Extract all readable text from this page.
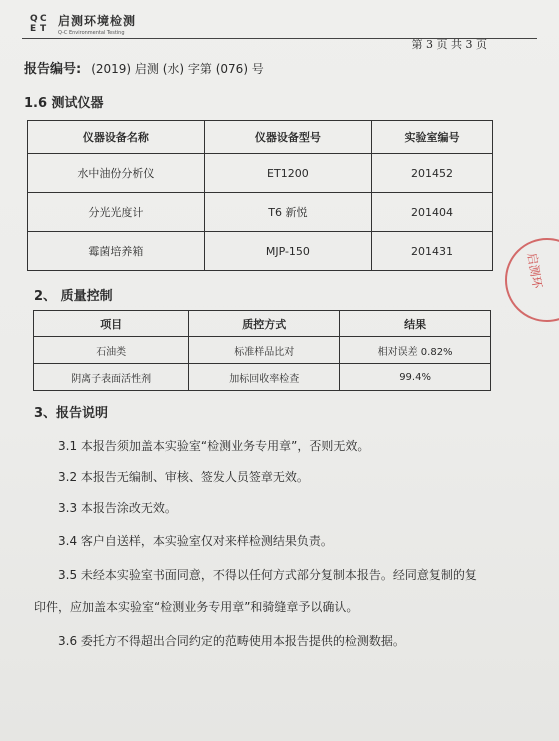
Q C
E T
启测环境检测
Q-C Environmental Testing
第 3 页 共 3 页
报告编号: (2019) 启测 (水) 字第 (076) 号
1.6 测试仪器
仪器设备名称	仪器设备型号	实验室编号
水中油份分析仪	ET1200	201452
分光光度计	T6 新悦	201404
霉菌培养箱	MJP-150	201431
2、 质量控制
项目	质控方式	结果
石油类	标准样品比对	相对误差 0.82%
阴离子表面活性剂	加标回收率检查	99.4%
3、报告说明
3.1 本报告须加盖本实验室“检测业务专用章”，否则无效。
3.2 本报告无编制、审核、签发人员签章无效。
3.3 本报告涂改无效。
3.4 客户自送样，本实验室仅对来样检测结果负责。
3.5 未经本实验室书面同意，不得以任何方式部分复制本报告。经同意复制的复
印件，应加盖本实验室“检测业务专用章”和骑缝章予以确认。
3.6 委托方不得超出合同约定的范畴使用本报告提供的检测数据。
启测环
